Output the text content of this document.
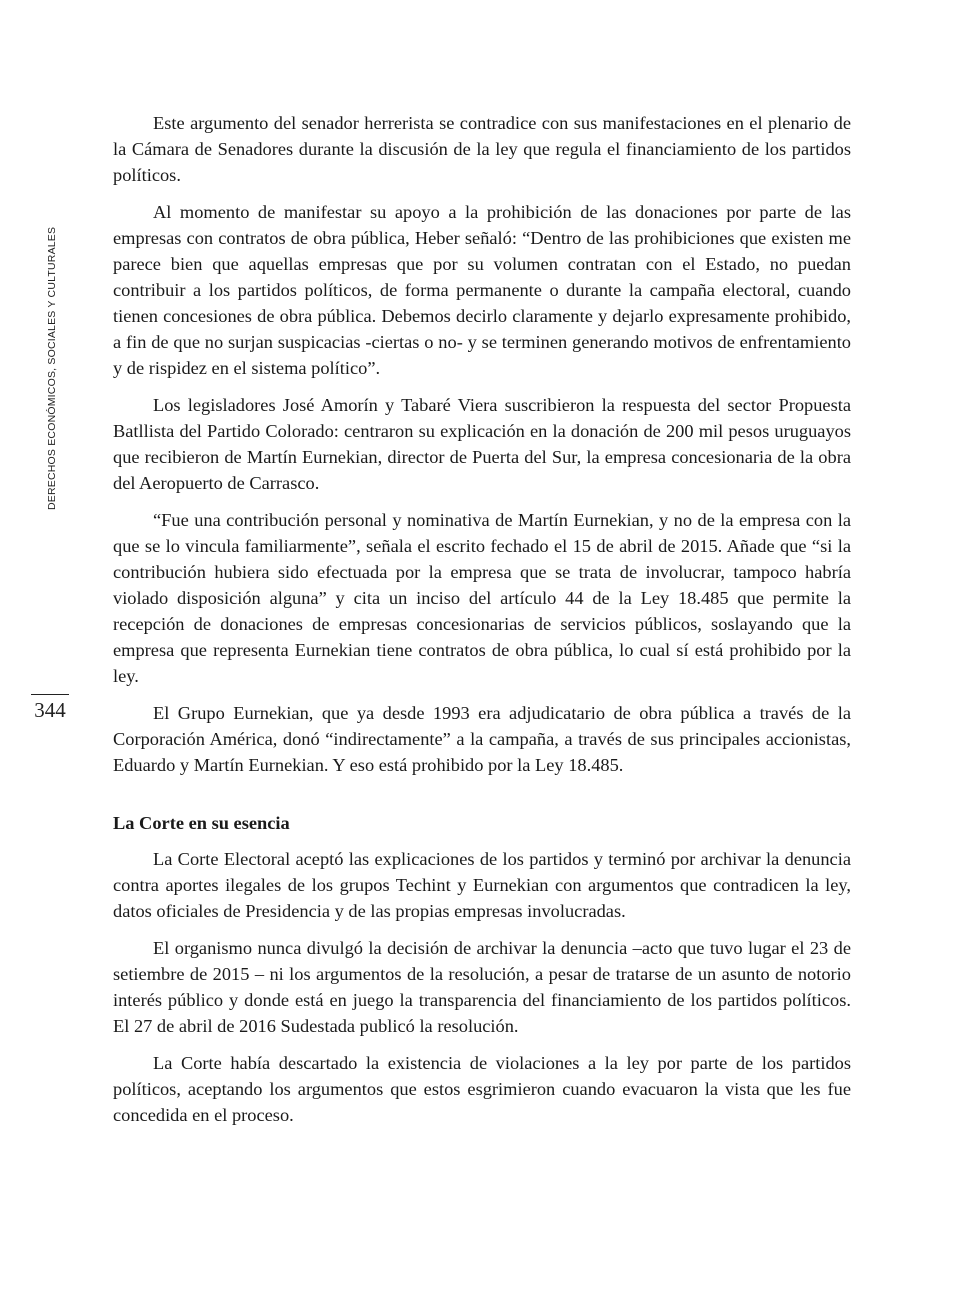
DERECHOS ECONÓMICOS, SOCIALES Y CULTURALES
344

Este argumento del senador herrerista se contradice con sus manifestaciones en el plenario de la Cámara de Senadores durante la discusión de la ley que regula el financiamiento de los partidos políticos.

Al momento de manifestar su apoyo a la prohibición de las donaciones por parte de las empresas con contratos de obra pública, Heber señaló: “Dentro de las prohibiciones que existen me parece bien que aquellas empresas que por su volumen contratan con el Estado, no puedan contribuir a los partidos políticos, de forma permanente o durante la campaña electoral, cuando tienen concesiones de obra pública. Debemos decirlo claramente y dejarlo expresamente prohibido, a fin de que no surjan suspicacias -ciertas o no- y se terminen generando motivos de enfrentamiento y de rispidez en el sistema político”.

Los legisladores José Amorín y Tabaré Viera suscribieron la respuesta del sector Propuesta Batllista del Partido Colorado: centraron su explicación en la donación de 200 mil pesos uruguayos que recibieron de Martín Eurnekian, director de Puerta del Sur, la empresa concesionaria de la obra del Aeropuerto de Carrasco.

“Fue una contribución personal y nominativa de Martín Eurnekian, y no de la empresa con la que se lo vincula familiarmente”, señala el escrito fechado el 15 de abril de 2015. Añade que “si la contribución hubiera sido efectuada por la empresa que se trata de involucrar, tampoco habría violado disposición alguna” y cita un inciso del artículo 44 de la Ley 18.485 que permite la recepción de donaciones de empresas concesionarias de servicios públicos, soslayando que la empresa que representa Eurnekian tiene contratos de obra pública, lo cual sí está prohibido por la ley.

El Grupo Eurnekian, que ya desde 1993 era adjudicatario de obra pública a través de la Corporación América, donó “indirectamente” a la campaña, a través de sus principales accionistas, Eduardo y Martín Eurnekian. Y eso está prohibido por la Ley 18.485.

La Corte en su esencia

La Corte Electoral aceptó las explicaciones de los partidos y terminó por archivar la denuncia contra aportes ilegales de los grupos Techint y Eurnekian con argumentos que contradicen la ley, datos oficiales de Presidencia y de las propias empresas involucradas.

El organismo nunca divulgó la decisión de archivar la denuncia –acto que tuvo lugar el 23 de setiembre de 2015 – ni los argumentos de la resolución, a pesar de tratarse de un asunto de notorio interés público y donde está en juego la transparencia del financiamiento de los partidos políticos. El 27 de abril de 2016 Sudestada publicó la resolución.

La Corte había descartado la existencia de violaciones a la ley por parte de los partidos políticos, aceptando los argumentos que estos esgrimieron cuando evacuaron la vista que les fue concedida en el proceso.
